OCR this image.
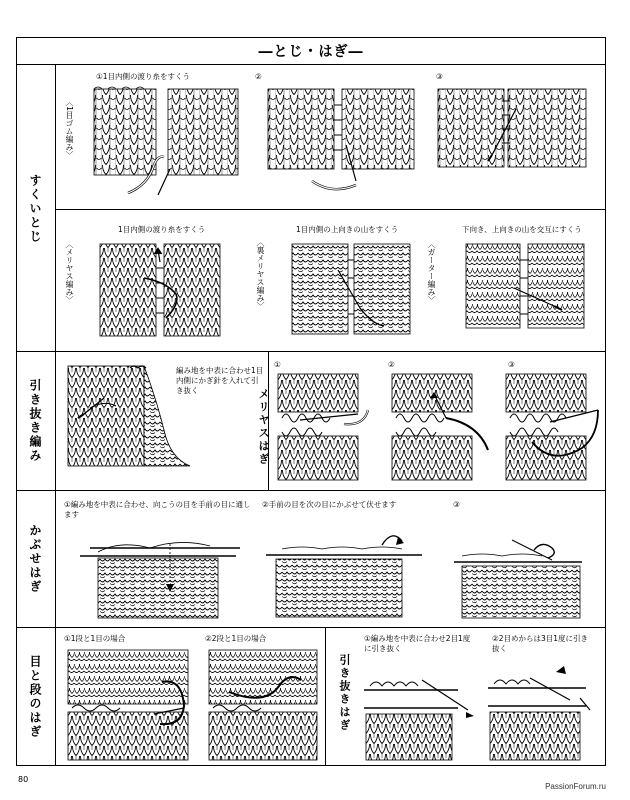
―とじ・はぎ―
すくいとじ
引き抜き編み
かぶせはぎ
目と段のはぎ
〈1目ゴム編み〉
①1目内側の渡り糸をすくう	②	③
〈メリヤス編み〉
1目内側の渡り糸をすくう
〈裏メリヤス編み〉
1目内側の上向きの山をすくう
〈ガーター編み〉
下向き、上向きの山を交互にすくう
編み地を中表に合わせ1目内側にかぎ針を入れて引き抜く	メリヤスはぎ
①	②	③
①編み地を中表に合わせ、向こうの目を手前の目に通します
②手前の目を次の目にかぶせて伏せます	③
①1段と1目の場合	②2段と1目の場合
引き抜きはぎ
①編み地を中表に合わせ2目1度に引き抜く
②2目めからは3目1度に引き抜く
80
PassionForum.ru
